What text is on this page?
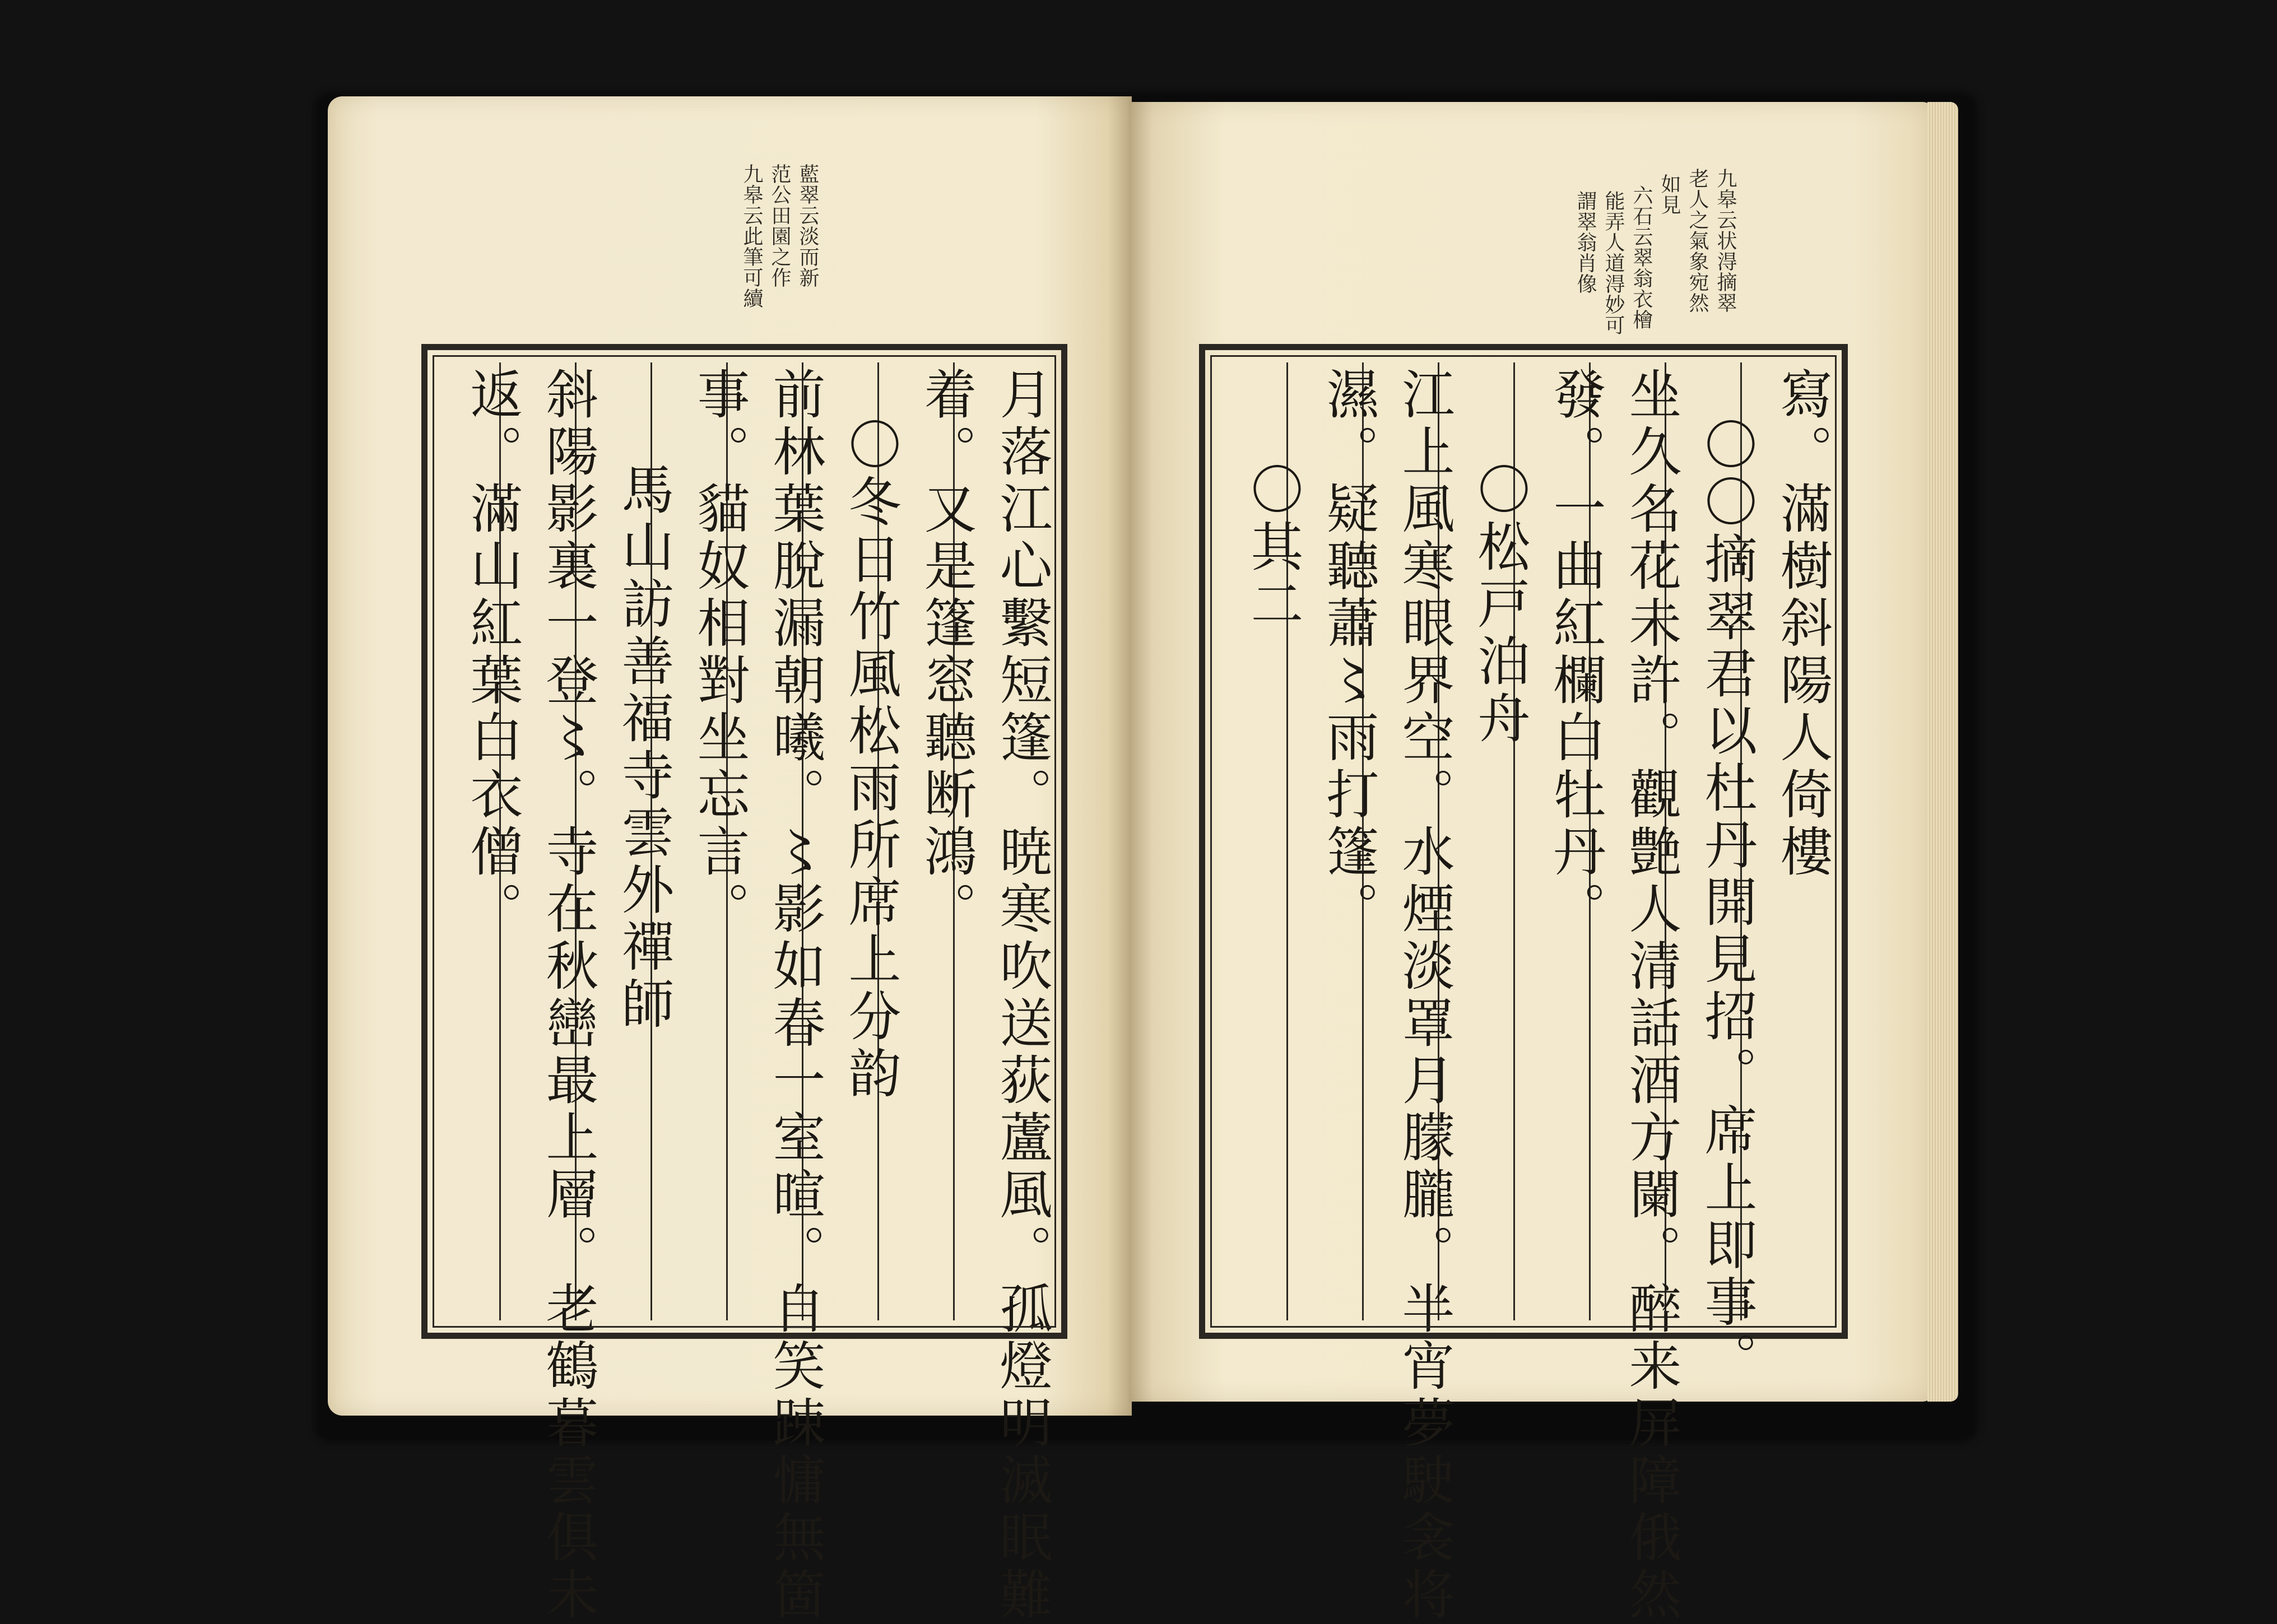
藍翠云淡而新
范公田園之作
九皋云此筆可續
月落江心繫短篷。暁寒吹送荻蘆風。孤燈明滅眠難
着。又是篷窓聽断鴻。
〇冬日竹風松雨所席上分韵
前林葉脫漏朝曦。〻影如春一室暄。自笑踈慵無箇
事。貓奴相對坐忘言。
馬山訪善福寺雲外禪師
斜陽影裏一登〻。寺在秋巒最上層。老鶴暮雲俱未
返。滿山紅葉白衣僧。
九皋云状淂摘翠
老人之氣象宛然
如見
六石云翠翁衣檜
能弄人道淂妙可
謂翠翁肖像
寫。滿樹斜陽人倚樓
〇〇摘翠君以杜丹開見招。席上即事。
坐久名花未許。觀艶人清話酒方闌。醉来屏障俄然
發。一曲紅欄白牡丹。
〇松戸泊舟
江上風寒眼界空。水煙淡罩月朦朧。半宵夢駛衾将
濕。疑聽蕭〻雨打篷。
〇其二
